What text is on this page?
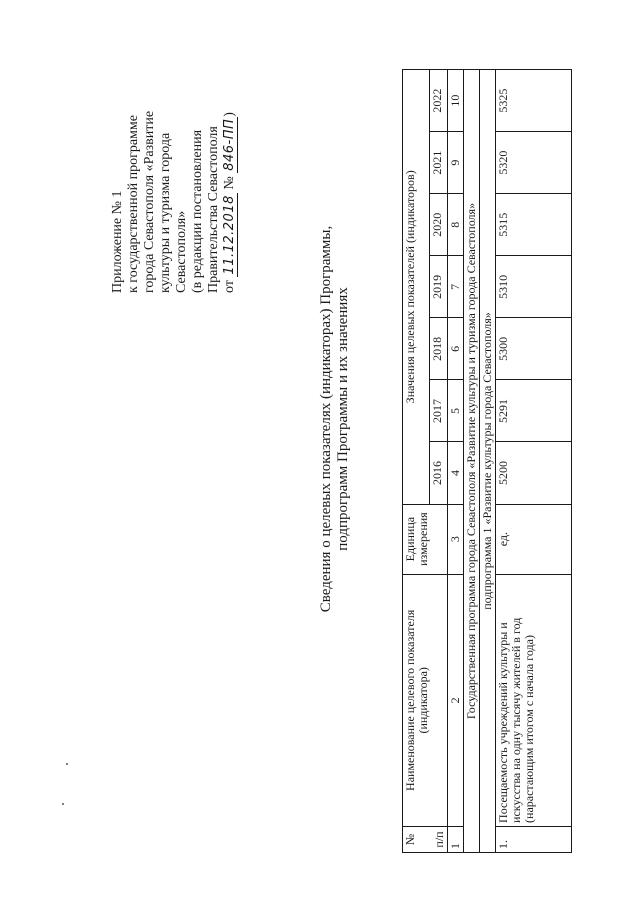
Приложение № 1 к государственной программе города Севастополя «Развитие культуры и туризма города Севастополя» (в редакции постановления Правительства Севастополя от 11.12.2018 № 846-ПП)
Сведения о целевых показателях (индикаторах) Программы, подпрограмм Программы и их значениях
№ п/п	Наименование целевого показателя (индикатора)	Единица измерения	Значения целевых показателей (индикаторов)						
			2016	2017	2018	2019	2020	2021	2022
1	2	3	4	5	6	7	8	9	10
Государственная программа города Севастополя «Развитие культуры и туризма города Севастополя»									
подпрограмма 1 «Развитие культуры города Севастополя»									
1.	Посещаемость учреждений культуры и искусства на одну тысячу жителей в год (нарастающим итогом с начала года)	ед.	5200	5291	5300	5310	5315	5320	5325
